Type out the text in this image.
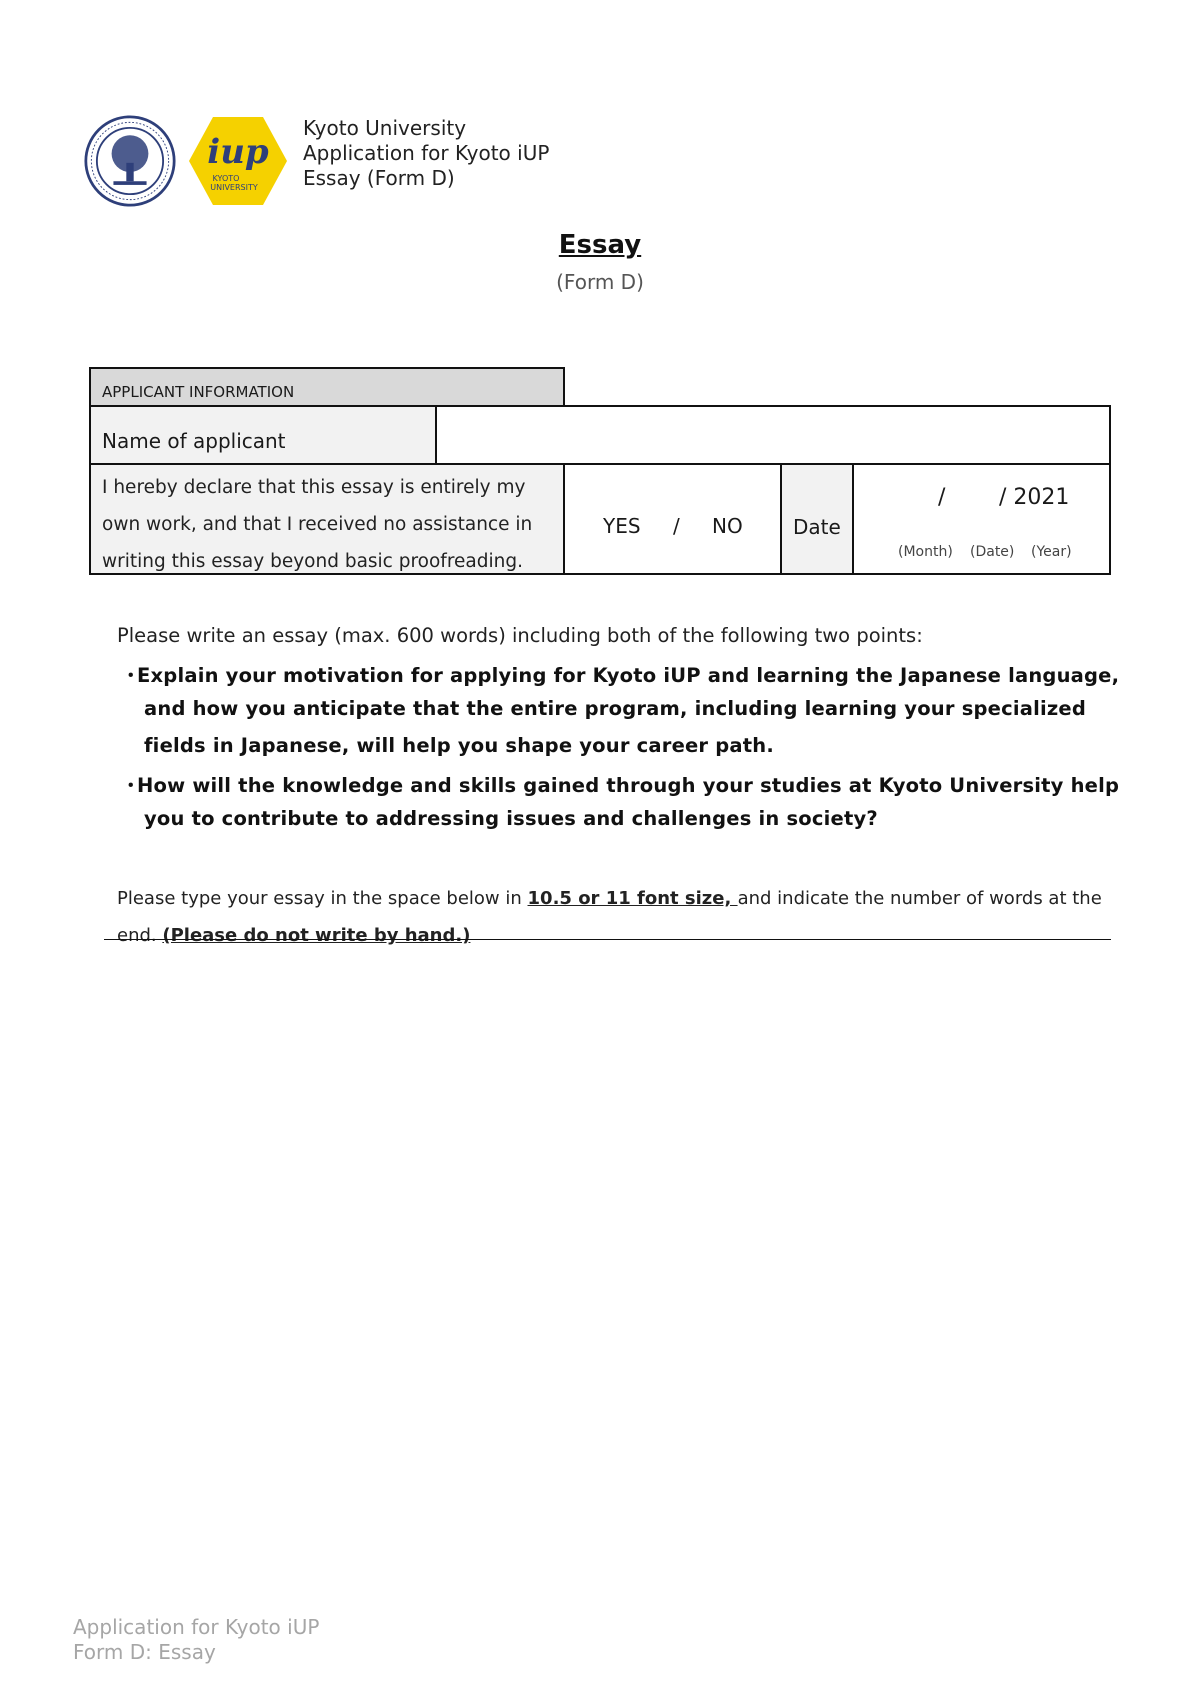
iup
KYOTO
UNIVERSITY
Kyoto University
Application for Kyoto iUP
Essay (Form D)
Essay
(Form D)
APPLICANT INFORMATION
Name of applicant
I hereby declare that this essay is entirely my own work, and that I received no assistance in writing this essay beyond basic proofreading.
YES / NO	Date
/ / 2021
(Month) (Date) (Year)
Please write an essay (max. 600 words) including both of the following two points:
・Explain your motivation for applying for Kyoto iUP and learning the Japanese language,
and how you anticipate that the entire program, including learning your specialized
fields in Japanese, will help you shape your career path.
・How will the knowledge and skills gained through your studies at Kyoto University help
you to contribute to addressing issues and challenges in society?
Please type your essay in the space below in 10.5 or 11 font size, and indicate the number of words at the end. (Please do not write by hand.)
Application for Kyoto iUP
Form D: Essay
